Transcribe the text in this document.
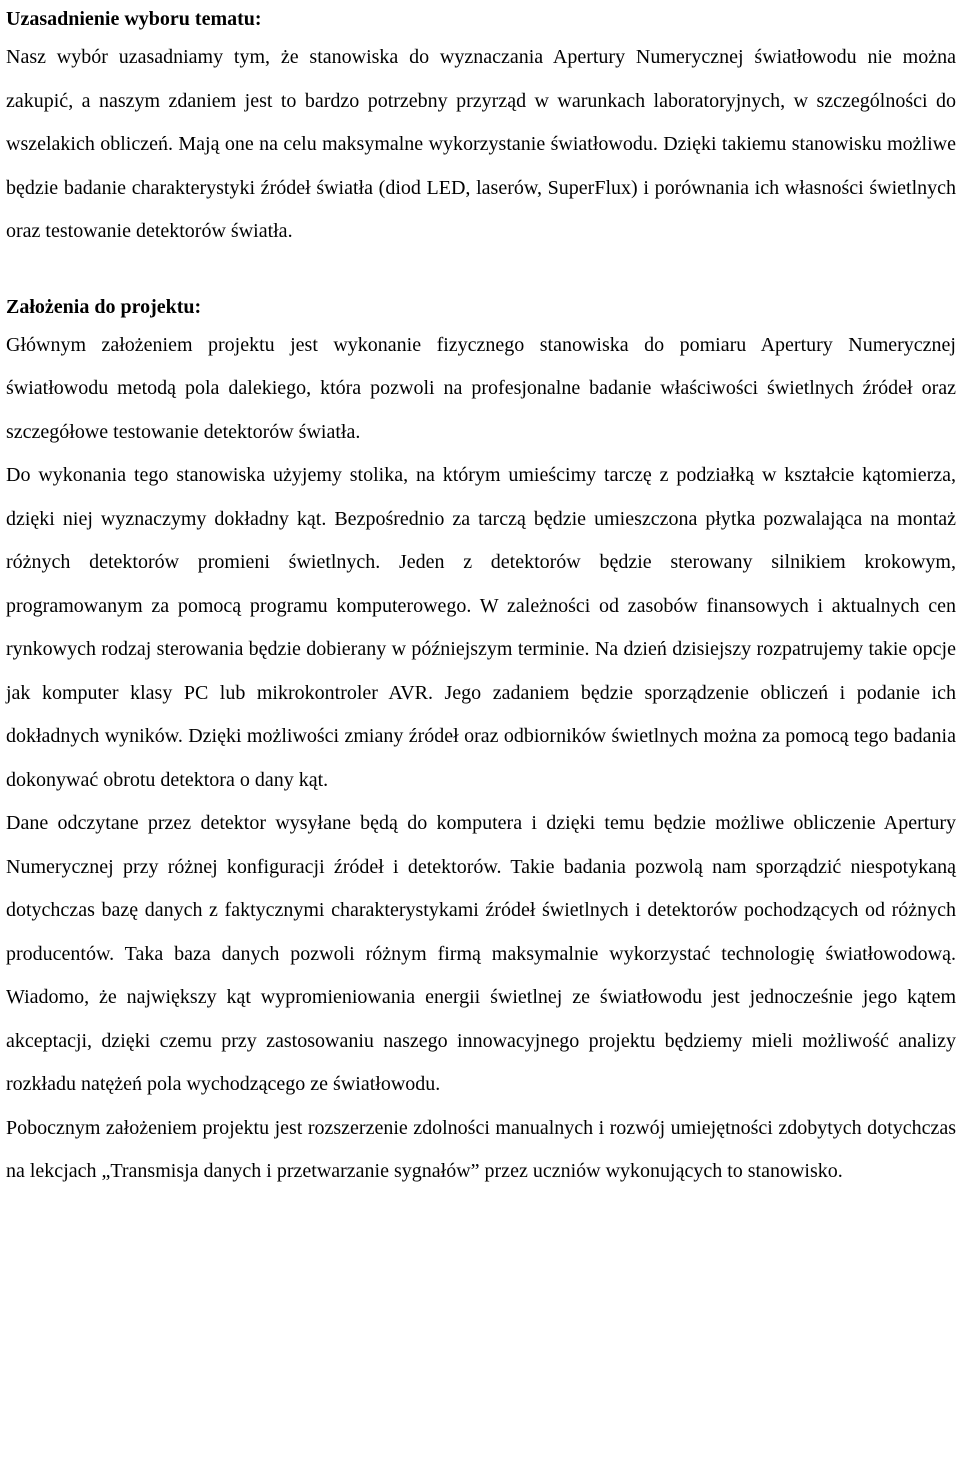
Uzasadnienie wyboru tematu:

Nasz wybór uzasadniamy tym, że stanowiska do wyznaczania Apertury Numerycznej światłowodu nie można zakupić, a naszym zdaniem jest to bardzo potrzebny przyrząd w warunkach laboratoryjnych, w szczególności do wszelakich obliczeń. Mają one na celu maksymalne wykorzystanie światłowodu. Dzięki takiemu stanowisku możliwe będzie badanie charakterystyki źródeł światła (diod LED, laserów, SuperFlux) i porównania ich własności świetlnych oraz testowanie detektorów światła.

Założenia do projektu:

Głównym założeniem projektu jest wykonanie fizycznego stanowiska do pomiaru Apertury Numerycznej światłowodu metodą pola dalekiego, która pozwoli na profesjonalne badanie właściwości świetlnych źródeł oraz szczegółowe testowanie detektorów światła.

Do wykonania tego stanowiska użyjemy stolika, na którym umieścimy tarczę z podziałką w kształcie kątomierza, dzięki niej wyznaczymy dokładny kąt. Bezpośrednio za tarczą będzie umieszczona płytka pozwalająca na montaż różnych detektorów promieni świetlnych. Jeden z detektorów będzie sterowany silnikiem krokowym, programowanym za pomocą programu komputerowego. W zależności od zasobów finansowych i aktualnych cen rynkowych rodzaj sterowania będzie dobierany w późniejszym terminie. Na dzień dzisiejszy rozpatrujemy takie opcje jak komputer klasy PC lub mikrokontroler AVR. Jego zadaniem będzie sporządzenie obliczeń i podanie ich dokładnych wyników. Dzięki możliwości zmiany źródeł oraz odbiorników świetlnych można za pomocą tego badania dokonywać obrotu detektora o dany kąt.

Dane odczytane przez detektor wysyłane będą do komputera i dzięki temu będzie możliwe obliczenie Apertury Numerycznej przy różnej konfiguracji źródeł i detektorów. Takie badania pozwolą nam sporządzić niespotykaną dotychczas bazę danych z faktycznymi charakterystykami źródeł świetlnych i detektorów pochodzących od różnych producentów. Taka baza danych pozwoli różnym firmą maksymalnie wykorzystać technologię światłowodową. Wiadomo, że największy kąt wypromieniowania energii świetlnej ze światłowodu jest jednocześnie jego kątem akceptacji, dzięki czemu przy zastosowaniu naszego innowacyjnego projektu będziemy mieli możliwość analizy rozkładu natężeń pola wychodzącego ze światłowodu.

Pobocznym założeniem projektu jest rozszerzenie zdolności manualnych i rozwój umiejętności zdobytych dotychczas na lekcjach „Transmisja danych i przetwarzanie sygnałów” przez uczniów wykonujących to stanowisko.
